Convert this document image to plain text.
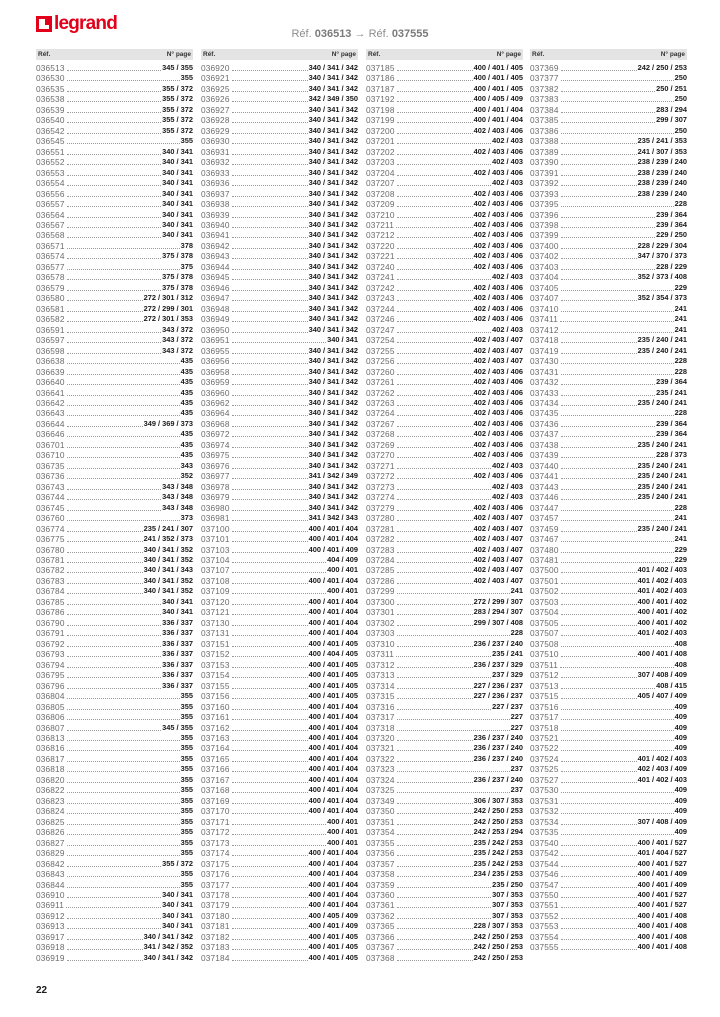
legrand	Réf. 036513 → Réf. 037555
Réf.	N° page
036513	345 / 355
036530	355
036535	355 / 372
036538	355 / 372
036539	355 / 372
036540	355 / 372
036542	355 / 372
036545	355
036551	340 / 341
036552	340 / 341
036553	340 / 341
036554	340 / 341
036556	340 / 341
036557	340 / 341
036564	340 / 341
036567	340 / 341
036568	340 / 341
036571	378
036574	375 / 378
036577	375
036578	375 / 378
036579	375 / 378
036580	272 / 301 / 312
036581	272 / 299 / 301
036582	272 / 301 / 353
036591	343 / 372
036597	343 / 372
036598	343 / 372
036638	435
036639	435
036640	435
036641	435
036642	435
036643	435
036644	349 / 369 / 373
036646	435
036701	435
036710	435
036735	343
036736	352
036743	343 / 348
036744	343 / 348
036745	343 / 348
036760	373
036774	235 / 241 / 307
036775	241 / 352 / 373
036780	340 / 341 / 352
036781	340 / 341 / 352
036782	340 / 341 / 343
036783	340 / 341 / 352
036784	340 / 341 / 352
036785	340 / 341
036786	340 / 341
036790	336 / 337
036791	336 / 337
036792	336 / 337
036793	336 / 337
036794	336 / 337
036795	336 / 337
036796	336 / 337
036804	355
036805	355
036806	355
036807	345 / 355
036813	355
036816	355
036817	355
036818	355
036820	355
036822	355
036823	355
036824	355
036825	355
036826	355
036827	355
036829	355
036842	355 / 372
036843	355
036844	355
036910	340 / 341
036911	340 / 341
036912	340 / 341
036913	340 / 341
036917	340 / 341 / 342
036918	341 / 342 / 352
036919	340 / 341 / 342
Réf.	N° page
036920	340 / 341 / 342
036921	340 / 341 / 342
036925	340 / 341 / 342
036926	342 / 349 / 350
036927	340 / 341 / 342
036928	340 / 341 / 342
036929	340 / 341 / 342
036930	340 / 341 / 342
036931	340 / 341 / 342
036932	340 / 341 / 342
036933	340 / 341 / 342
036936	340 / 341 / 342
036937	340 / 341 / 342
036938	340 / 341 / 342
036939	340 / 341 / 342
036940	340 / 341 / 342
036941	340 / 341 / 342
036942	340 / 341 / 342
036943	340 / 341 / 342
036944	340 / 341 / 342
036945	340 / 341 / 342
036946	340 / 341 / 342
036947	340 / 341 / 342
036948	340 / 341 / 342
036949	340 / 341 / 342
036950	340 / 341 / 342
036951	340 / 341
036955	340 / 341 / 342
036956	340 / 341 / 342
036958	340 / 341 / 342
036959	340 / 341 / 342
036960	340 / 341 / 342
036962	340 / 341 / 342
036964	340 / 341 / 342
036968	340 / 341 / 342
036972	340 / 341 / 342
036974	340 / 341 / 342
036975	340 / 341 / 342
036976	340 / 341 / 342
036977	341 / 342 / 349
036978	340 / 341 / 342
036979	340 / 341 / 342
036980	340 / 341 / 342
036981	341 / 342 / 343
037100	400 / 401 / 404
037101	400 / 401 / 404
037103	400 / 401 / 409
037104	404 / 409
037107	400 / 401
037108	400 / 401 / 404
037109	400 / 401
037120	400 / 401 / 404
037121	400 / 401 / 404
037130	400 / 401 / 404
037131	400 / 401 / 404
037151	400 / 401 / 405
037152	400 / 404 / 405
037153	400 / 401 / 405
037154	400 / 401 / 405
037155	400 / 401 / 405
037156	400 / 401 / 405
037160	400 / 401 / 404
037161	400 / 401 / 404
037162	400 / 401 / 404
037163	400 / 401 / 404
037164	400 / 401 / 404
037165	400 / 401 / 404
037166	400 / 401 / 404
037167	400 / 401 / 404
037168	400 / 401 / 404
037169	400 / 401 / 404
037170	400 / 401 / 404
037171	400 / 401
037172	400 / 401
037173	400 / 401
037174	400 / 401 / 404
037175	400 / 401 / 404
037176	400 / 401 / 404
037177	400 / 401 / 404
037178	400 / 401 / 404
037179	400 / 401 / 404
037180	400 / 405 / 409
037181	400 / 401 / 409
037182	400 / 401 / 405
037183	400 / 401 / 405
037184	400 / 401 / 405
Réf.	N° page
037185	400 / 401 / 405
037186	400 / 401 / 405
037187	400 / 401 / 405
037192	400 / 405 / 409
037198	400 / 401 / 404
037199	400 / 401 / 404
037200	402 / 403 / 406
037201	402 / 403
037202	402 / 403 / 406
037203	402 / 403
037204	402 / 403 / 406
037207	402 / 403
037208	402 / 403 / 406
037209	402 / 403 / 406
037210	402 / 403 / 406
037211	402 / 403 / 406
037212	402 / 403 / 406
037220	402 / 403 / 406
037221	402 / 403 / 406
037240	402 / 403 / 406
037241	402 / 403
037242	402 / 403 / 406
037243	402 / 403 / 406
037244	402 / 403 / 406
037246	402 / 403 / 406
037247	402 / 403
037254	402 / 403 / 407
037255	402 / 403 / 407
037256	402 / 403 / 407
037260	402 / 403 / 406
037261	402 / 403 / 406
037262	402 / 403 / 406
037263	402 / 403 / 406
037264	402 / 403 / 406
037267	402 / 403 / 406
037268	402 / 403 / 406
037269	402 / 403 / 406
037270	402 / 403 / 406
037271	402 / 403
037272	402 / 403 / 406
037273	402 / 403
037274	402 / 403
037279	402 / 403 / 406
037280	402 / 403 / 407
037281	402 / 403 / 407
037282	402 / 403 / 407
037283	402 / 403 / 407
037284	402 / 403 / 407
037285	402 / 403 / 407
037286	402 / 403 / 407
037299	241
037300	272 / 299 / 307
037301	283 / 294 / 307
037302	299 / 307 / 408
037303	228
037310	236 / 237 / 240
037311	235 / 241
037312	236 / 237 / 329
037313	237 / 329
037314	227 / 236 / 237
037315	227 / 236 / 237
037316	227 / 237
037317	227
037318	227
037320	236 / 237 / 240
037321	236 / 237 / 240
037322	236 / 237 / 240
037323	237
037324	236 / 237 / 240
037325	237
037349	306 / 307 / 353
037350	242 / 250 / 253
037351	242 / 250 / 253
037354	242 / 253 / 294
037355	235 / 242 / 253
037356	235 / 242 / 253
037357	235 / 242 / 253
037358	234 / 235 / 253
037359	235 / 250
037360	307 / 353
037361	307 / 353
037362	307 / 353
037365	228 / 307 / 353
037366	242 / 250 / 253
037367	242 / 250 / 253
037368	242 / 250 / 253
Réf.	N° page
037369	242 / 250 / 253
037377	250
037382	250 / 251
037383	250
037384	283 / 294
037385	299 / 307
037386	250
037388	235 / 241 / 353
037389	241 / 307 / 353
037390	238 / 239 / 240
037391	238 / 239 / 240
037392	238 / 239 / 240
037393	238 / 239 / 240
037395	228
037396	239 / 364
037398	239 / 364
037399	229 / 250
037400	228 / 229 / 304
037402	347 / 370 / 373
037403	228 / 229
037404	352 / 373 / 408
037405	229
037407	352 / 354 / 373
037410	241
037411	241
037412	241
037418	235 / 240 / 241
037419	235 / 240 / 241
037430	228
037431	228
037432	239 / 364
037433	235 / 241
037434	235 / 240 / 241
037435	228
037436	239 / 364
037437	239 / 364
037438	235 / 240 / 241
037439	228 / 373
037440	235 / 240 / 241
037441	235 / 240 / 241
037443	235 / 240 / 241
037446	235 / 240 / 241
037447	228
037457	241
037459	235 / 240 / 241
037467	241
037480	229
037481	229
037500	401 / 402 / 403
037501	401 / 402 / 403
037502	401 / 402 / 403
037503	400 / 401 / 402
037504	400 / 401 / 402
037505	400 / 401 / 402
037507	401 / 402 / 403
037508	408
037510	400 / 401 / 408
037511	408
037512	307 / 408 / 409
037513	408 / 415
037515	405 / 407 / 409
037516	409
037517	409
037518	409
037521	409
037522	409
037524	401 / 402 / 403
037525	402 / 403 / 409
037527	401 / 402 / 403
037530	409
037531	409
037532	409
037534	307 / 408 / 409
037535	409
037540	400 / 401 / 527
037542	401 / 404 / 527
037544	400 / 401 / 527
037546	400 / 401 / 409
037547	400 / 401 / 409
037550	400 / 401 / 527
037551	400 / 401 / 527
037552	400 / 401 / 408
037553	400 / 401 / 408
037554	400 / 401 / 408
037555	400 / 401 / 408
22
